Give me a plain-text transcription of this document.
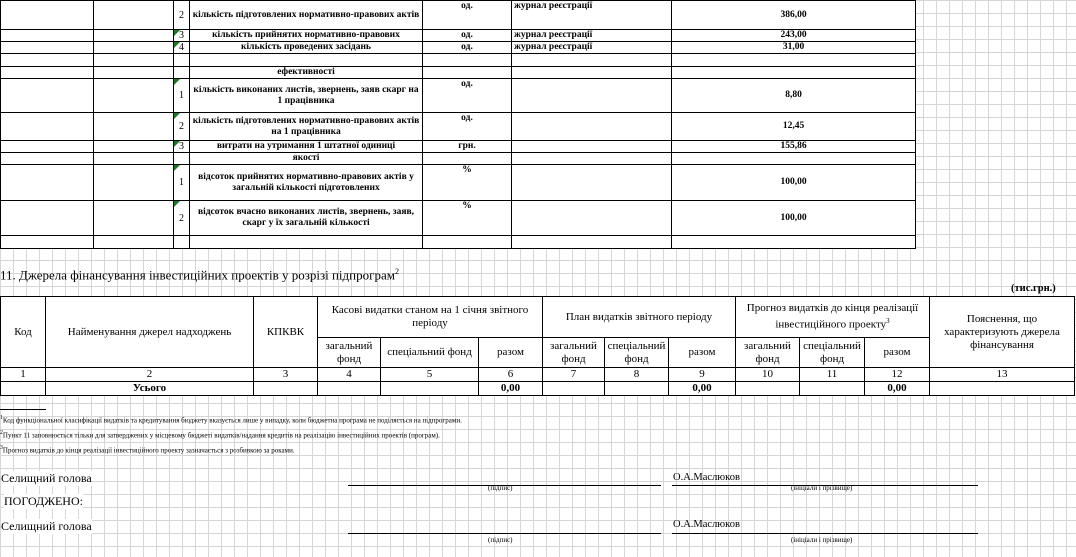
		2	кількість підготовлених нормативно-правових актів	од.	журнал реєстрації	386,00

3	кількість прийнятих нормативно-правових	од.	журнал реєстрації	243,00

4	кількість проведених засідань	од.	журнал реєстрації	31,00

			ефективності			

1	кількість виконаних листів, звернень, заяв скарг на 1 працівника	од.		8,80

2	кількість підготовлених нормативно-правових актів на 1 працівника	од.		12,45

3	витрати на утримання 1 штатної одиниці	грн.		155,86
			якості			

1	відсоток прийнятих нормативно-правових актів у загальній кількості підготовлених	%		100,00

2	відсоток вчасно виконаних листів, звернень, заяв, скарг у їх загальній кількості	%		100,00

11. Джерела фінансування інвестиційних проектів у розрізі підпрограм$^2$
(тис.грн.)
Код	Найменування джерел надходжень	КПКВК	Касові видатки станом на 1 січня звітного періоду			План видатків звітного періоду			Прогноз видатків до кінця реалізації інвестиційного проекту$^3$			Пояснення, що характеризують джерела фінансування
			загальний фонд	спеціальний фонд	разом	загальний фонд	спеціальний фонд	разом	загальний фонд	спеціальний фонд	разом	
1	2	3	4	5	6	7	8	9	10	11	12	13
	Усього				0,00			0,00			0,00	
$^1$Код функціональної класифікації видатків та кредитування бюджету вказується лише у випадку, коли бюджетна програма не поділяється на підпрограми.
$^2$Пункт 11 заповнюється тільки для затверджених у місцевому бюджеті видатків/надання кредитів на реалізацію інвестиційних проектів (програм).
$^3$Прогноз видатків до кінця реалізації інвестиційного проекту зазначається з розбивкою за роками.
Селищний голова
(підпис)
О.А.Маслюков
(ініціали і прізвище)
ПОГОДЖЕНО:
Селищний голова
(підпис)
О.А.Маслюков
(ініціали і прізвище)
